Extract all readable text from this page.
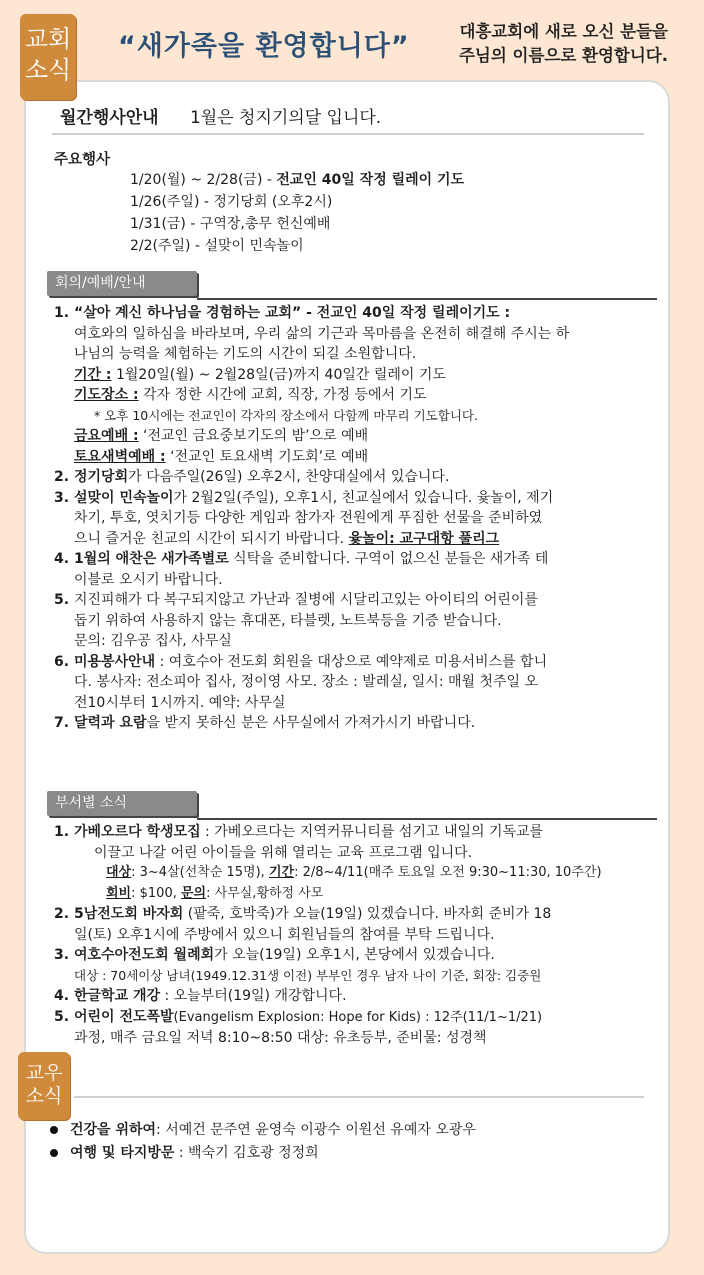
교회
소식
“새가족을 환영합니다”	대흥교회에 새로 오신 분들을
주님의 이름으로 환영합니다.
월간행사안내 1월은 청지기의달 입니다.
주요행사
1/20(월) ~ 2/28(금) - 전교인 40일 작정 릴레이 기도
1/26(주일) - 정기당회 (오후2시)
1/31(금) - 구역장,총무 헌신예배
2/2(주일) - 설맞이 민속놀이
회의/예배/안내
1. “살아 계신 하나님을 경험하는 교회” - 전교인 40일 작정 릴레이기도 :
여호와의 일하심을 바라보며, 우리 삶의 기근과 목마름을 온전히 해결해 주시는 하
나님의 능력을 체험하는 기도의 시간이 되길 소원합니다.
기간 : 1월20일(월) ~ 2월28일(금)까지 40일간 릴레이 기도
기도장소 : 각자 정한 시간에 교회, 직장, 가정 등에서 기도
* 오후 10시에는 전교인이 각자의 장소에서 다함께 마무리 기도합니다.
금요예배 : ‘전교인 금요중보기도의 밤’으로 예배
토요새벽예배 : ‘전교인 토요새벽 기도회’로 예배
2. 정기당회가 다음주일(26일) 오후2시, 찬양대실에서 있습니다.
3. 설맞이 민속놀이가 2월2일(주일), 오후1시, 친교실에서 있습니다. 윷놀이, 제기
차기, 투호, 엿치기등 다양한 게임과 참가자 전원에게 푸짐한 선물을 준비하였
으니 즐거운 친교의 시간이 되시기 바랍니다. 윷놀이: 교구대항 풀리그
4. 1월의 애찬은 새가족별로 식탁을 준비합니다. 구역이 없으신 분들은 새가족 테
이블로 오시기 바랍니다.
5. 지진피해가 다 복구되지않고 가난과 질병에 시달리고있는 아이티의 어린이를
돕기 위하여 사용하지 않는 휴대폰, 타블렛, 노트북등을 기증 받습니다.
문의: 김우공 집사, 사무실
6. 미용봉사안내 : 여호수아 전도회 회원을 대상으로 예약제로 미용서비스를 합니
다. 봉사자: 전소피아 집사, 정이영 사모. 장소 : 발레실, 일시: 매월 첫주일 오
전10시부터 1시까지. 예약: 사무실
7. 달력과 요람을 받지 못하신 분은 사무실에서 가져가시기 바랍니다.
부서별 소식
1. 가베오르다 학생모집 : 가베오르다는 지역커뮤니티를 섬기고 내일의 기독교를
이끌고 나갈 어린 아이들을 위해 열리는 교육 프로그램 입니다.
대상: 3~4살(선착순 15명), 기간: 2/8~4/11(매주 토요일 오전 9:30~11:30, 10주간)
회비: $100, 문의: 사무실,황하정 사모
2. 5남전도회 바자회 (팥죽, 호박죽)가 오늘(19일) 있겠습니다. 바자회 준비가 18
일(토) 오후1시에 주방에서 있으니 회원님들의 참여를 부탁 드립니다.
3. 여호수아전도회 월례회가 오늘(19일) 오후1시, 본당에서 있겠습니다.
대상 : 70세이상 남녀(1949.12.31생 이전) 부부인 경우 남자 나이 기준, 회장: 김중원
4. 한글학교 개강 : 오늘부터(19일) 개강합니다.
5. 어린이 전도폭발(Evangelism Explosion: Hope for Kids) : 12주(11/1~1/21)
과정, 매주 금요일 저녁 8:10~8:50 대상: 유초등부, 준비물: 성경책
교우
소식
건강을 위하여: 서예건 문주연 윤영숙 이광수 이원선 유예자 오광우
여행 및 타지방문 : 백숙기 김호광 정정희
